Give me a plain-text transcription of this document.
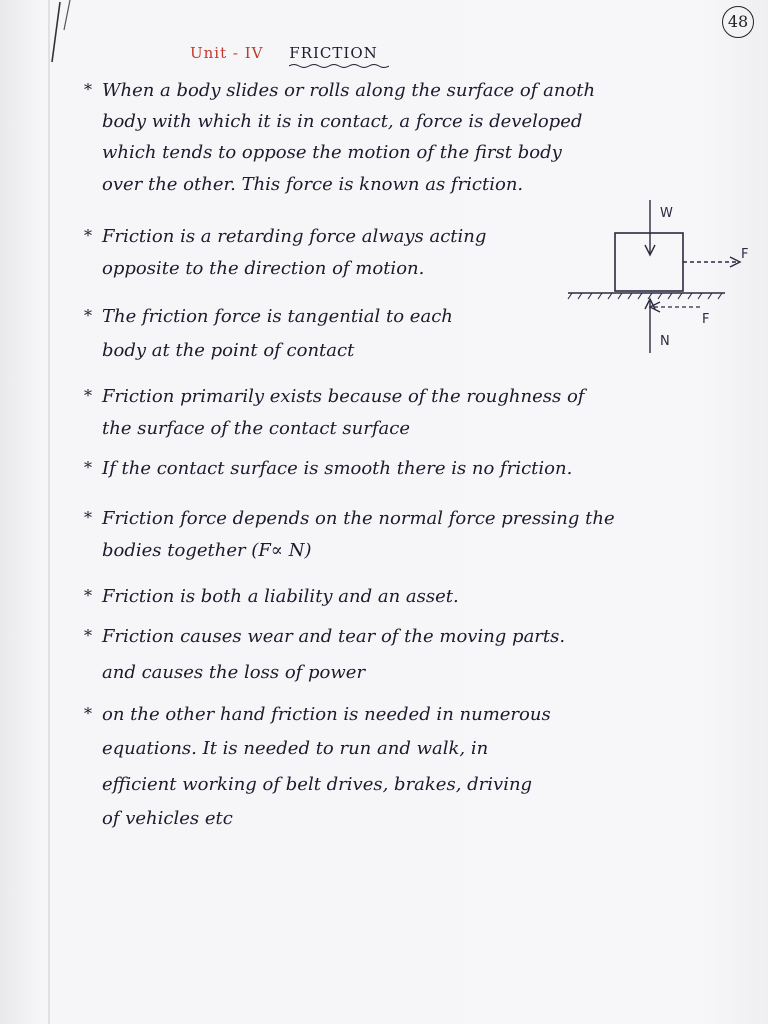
48
Unit - IV FRICTION
* When a body slides or rolls along the surface of anoth
body with which it is in contact, a force is developed
which tends to oppose the motion of the first body
over the other. This force is known as friction.
* Friction is a retarding force always acting
opposite to the direction of motion.
* The friction force is tangential to each
body at the point of contact
* Friction primarily exists because of the roughness of
the surface of the contact surface
* If the contact surface is smooth there is no friction.
* Friction force depends on the normal force pressing the
bodies together (F∝ N)
* Friction is both a liability and an asset.
* Friction causes wear and tear of the moving parts.
and causes the loss of power
* on the other hand friction is needed in numerous
equations. It is needed to run and walk, in
efficient working of belt drives, brakes, driving
of vehicles etc
W
F
F
N
